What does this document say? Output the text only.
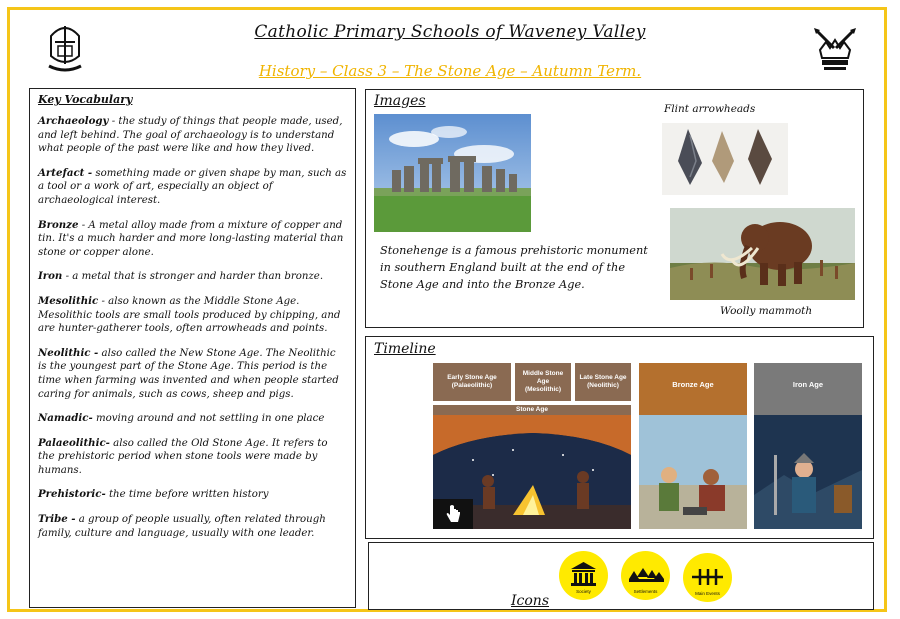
Catholic Primary Schools of Waveney Valley
History – Class 3 – The Stone Age – Autumn Term.
Key Vocabulary

Archaeology - the study of things that people made, used, and left behind. The goal of archaeology is to understand what people of the past were like and how they lived.

Artefact - something made or given shape by man, such as a tool or a work of art, especially an object of archaeological interest.

Bronze - A metal alloy made from a mixture of copper and tin. It's a much harder and more long-lasting material than stone or copper alone.

Iron - a metal that is stronger and harder than bronze.

Mesolithic - also known as the Middle Stone Age. Mesolithic tools are small tools produced by chipping, and are hunter-gatherer tools, often arrowheads and points.

Neolithic - also called the New Stone Age. The Neolithic is the youngest part of the Stone Age. This period is the time when farming was invented and when people started caring for animals, such as cows, sheep and pigs.

Namadic- moving around and not settling in one place

Palaeolithic- also called the Old Stone Age. It refers to the prehistoric period when stone tools were made by humans.

Prehistoric- the time before written history

Tribe - a group of people usually, often related through family, culture and language, usually with one leader.

Images
Stonehenge is a famous prehistoric monument in southern England built at the end of the Stone Age and into the Bronze Age.
Flint arrowheads
Woolly mammoth
Timeline
Early Stone Age (Palaeolithic)
Middle Stone Age (Mesolithic)
Late Stone Age (Neolithic)
Stone Age
Bronze Age	Iron Age
Society	Settlements	Main Events
Icons
